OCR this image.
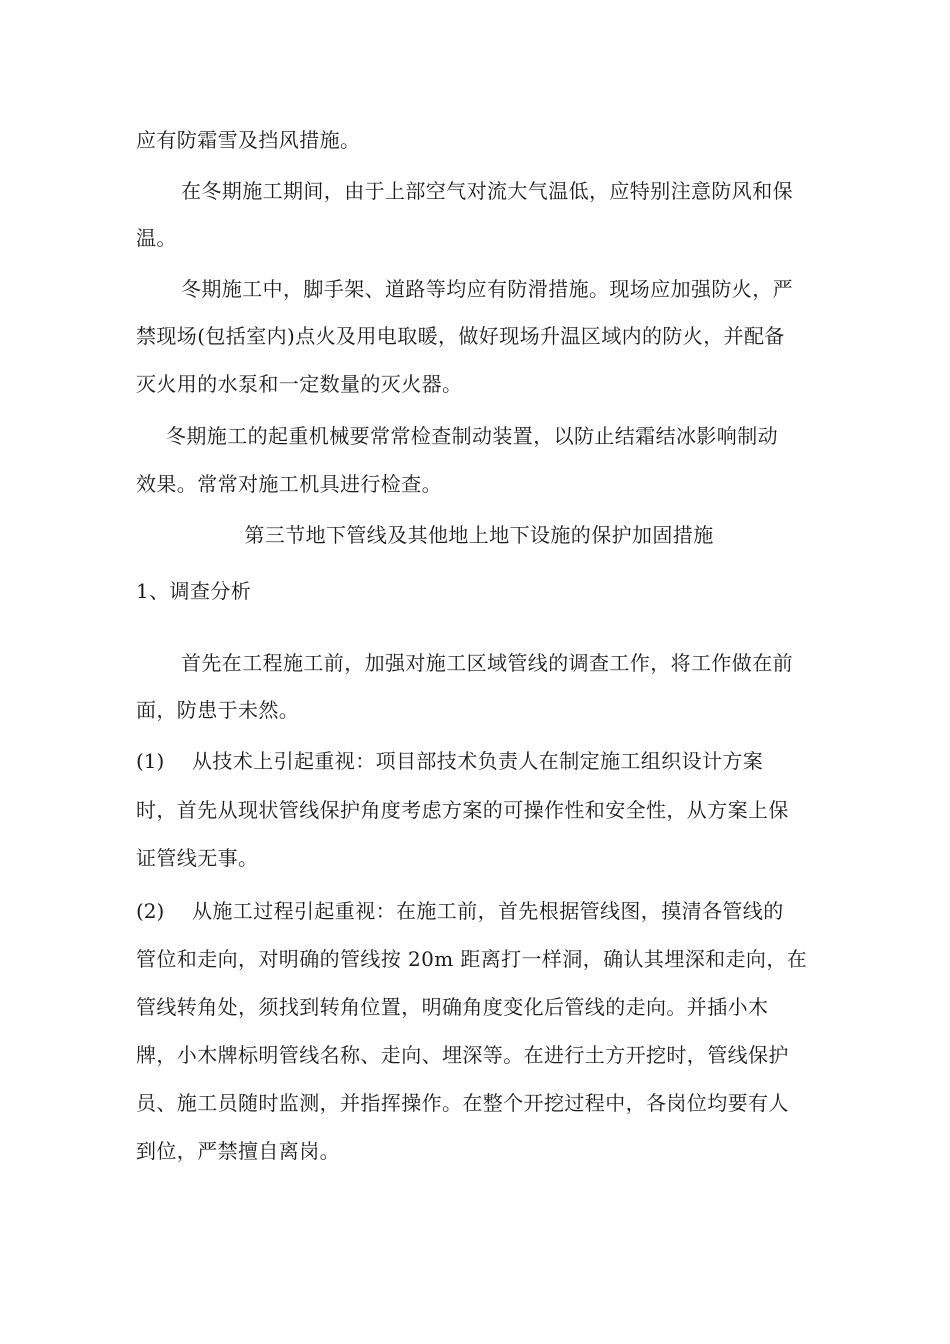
应有防霜雪及挡风措施。
在冬期施工期间，由于上部空气对流大气温低，应特别注意防风和保
温。
冬期施工中，脚手架、道路等均应有防滑措施。现场应加强防火，严
禁现场(包括室内)点火及用电取暖，做好现场升温区域内的防火，并配备
灭火用的水泵和一定数量的灭火器。
冬期施工的起重机械要常常检查制动装置，以防止结霜结冰影响制动
效果。常常对施工机具进行检查。
第三节地下管线及其他地上地下设施的保护加固措施
1、调查分析
首先在工程施工前，加强对施工区域管线的调查工作，将工作做在前
面，防患于未然。
(1) 从技术上引起重视：项目部技术负责人在制定施工组织设计方案
时，首先从现状管线保护角度考虑方案的可操作性和安全性，从方案上保
证管线无事。
(2) 从施工过程引起重视：在施工前，首先根据管线图，摸清各管线的
管位和走向，对明确的管线按 20m 距离打一样洞，确认其埋深和走向，在
管线转角处，须找到转角位置，明确角度变化后管线的走向。并插小木
牌，小木牌标明管线名称、走向、埋深等。在进行土方开挖时，管线保护
员、施工员随时监测，并指挥操作。在整个开挖过程中，各岗位均要有人
到位，严禁擅自离岗。
